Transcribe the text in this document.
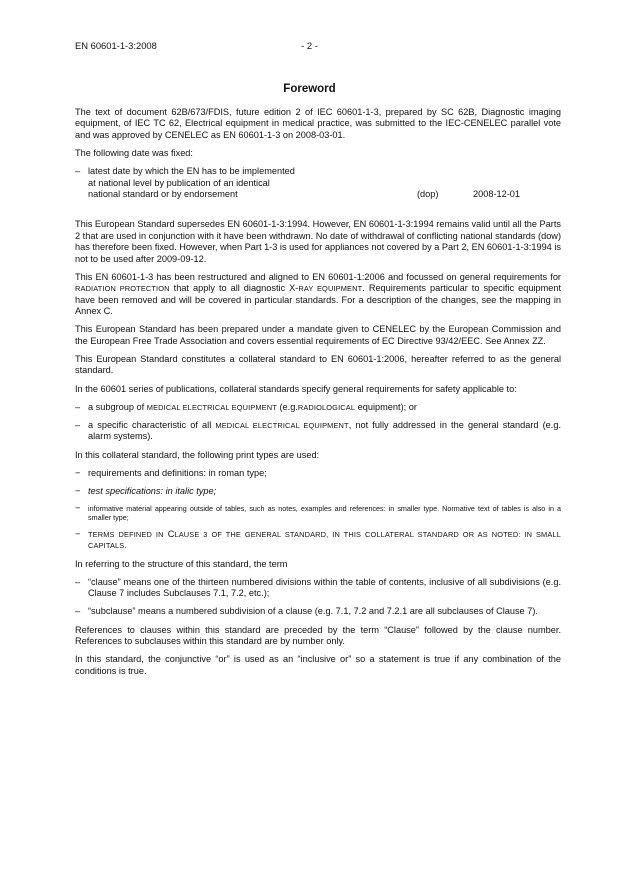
EN 60601-1-3:2008	- 2 -
Foreword

The text of document 62B/673/FDIS, future edition 2 of IEC 60601-1-3, prepared by SC 62B, Diagnostic imaging equipment, of IEC TC 62, Electrical equipment in medical practice, was submitted to the IEC-CENELEC parallel vote and was approved by CENELEC as EN 60601-1-3 on 2008-03-01.

The following date was fixed:

–
latest date by which the EN has to be implemented
at national level by publication of an identical
national standard or by endorsement	(dop)	2008-12-01

This European Standard supersedes EN 60601-1-3:1994. However, EN 60601-1-3:1994 remains valid until all the Parts 2 that are used in conjunction with it have been withdrawn. No date of withdrawal of conflicting national standards (dow) has therefore been fixed. However, when Part 1-3 is used for appliances not covered by a Part 2, EN 60601-1-3:1994 is not to be used after 2009-09-12.

This EN 60601-1-3 has been restructured and aligned to EN 60601-1:2006 and focussed on general requirements for RADIATION PROTECTION that apply to all diagnostic X-RAY EQUIPMENT. Requirements particular to specific equipment have been removed and will be covered in particular standards. For a description of the changes, see the mapping in Annex C.

This European Standard has been prepared under a mandate given to CENELEC by the European Commission and the European Free Trade Association and covers essential requirements of EC Directive 93/42/EEC. See Annex ZZ.

This European Standard constitutes a collateral standard to EN 60601-1:2006, hereafter referred to as the general standard.

In the 60601 series of publications, collateral standards specify general requirements for safety applicable to:

–
a subgroup of MEDICAL ELECTRICAL EQUIPMENT (e.g.RADIOLOGICAL equipment); or
–
a specific characteristic of all MEDICAL ELECTRICAL EQUIPMENT, not fully addressed in the general standard (e.g. alarm systems).

In this collateral standard, the following print types are used:

−
requirements and definitions: in roman type;
−
test specifications: in italic type;
−
informative material appearing outside of tables, such as notes, examples and references: in smaller type. Normative text of tables is also in a smaller type;
−
TERMS DEFINED IN CLAUSE 3 OF THE GENERAL STANDARD, IN THIS COLLATERAL STANDARD OR AS NOTED: IN SMALL CAPITALS.

In referring to the structure of this standard, the term

–
“clause” means one of the thirteen numbered divisions within the table of contents, inclusive of all subdivisions (e.g. Clause 7 includes Subclauses 7.1, 7.2, etc.);
–
“subclause” means a numbered subdivision of a clause (e.g. 7.1, 7.2 and 7.2.1 are all subclauses of Clause 7).

References to clauses within this standard are preceded by the term “Clause” followed by the clause number. References to subclauses within this standard are by number only.

In this standard, the conjunctive “or” is used as an “inclusive or” so a statement is true if any combination of the conditions is true.
